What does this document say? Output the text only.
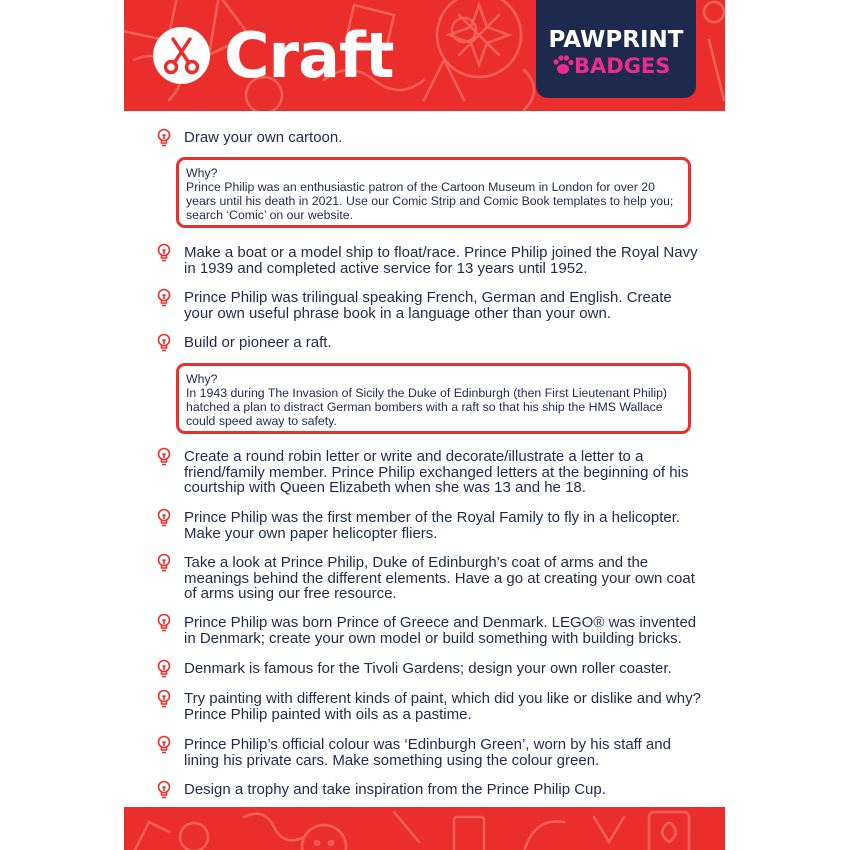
Craft	PAWPRINT
BADGES
Draw your own cartoon.
Why?
Prince Philip was an enthusiastic patron of the Cartoon Museum in London for over 20 years until his death in 2021. Use our Comic Strip and Comic Book templates to help you; search ‘Comic’ on our website.
Make a boat or a model ship to float/race. Prince Philip joined the Royal Navy in 1939 and completed active service for 13 years until 1952.
Prince Philip was trilingual speaking French, German and English. Create your own useful phrase book in a language other than your own.
Build or pioneer a raft.
Why?
In 1943 during The Invasion of Sicily the Duke of Edinburgh (then First Lieutenant Philip) hatched a plan to distract German bombers with a raft so that his ship the HMS Wallace could speed away to safety.
Create a round robin letter or write and decorate/illustrate a letter to a friend/family member. Prince Philip exchanged letters at the beginning of his courtship with Queen Elizabeth when she was 13 and he 18.
Prince Philip was the first member of the Royal Family to fly in a helicopter. Make your own paper helicopter fliers.
Take a look at Prince Philip, Duke of Edinburgh’s coat of arms and the meanings behind the different elements. Have a go at creating your own coat of arms using our free resource.
Prince Philip was born Prince of Greece and Denmark. LEGO® was invented in Denmark; create your own model or build something with building bricks.
Denmark is famous for the Tivoli Gardens; design your own roller coaster.
Try painting with different kinds of paint, which did you like or dislike and why? Prince Philip painted with oils as a pastime.
Prince Philip’s official colour was ‘Edinburgh Green’, worn by his staff and lining his private cars. Make something using the colour green.
Design a trophy and take inspiration from the Prince Philip Cup.
